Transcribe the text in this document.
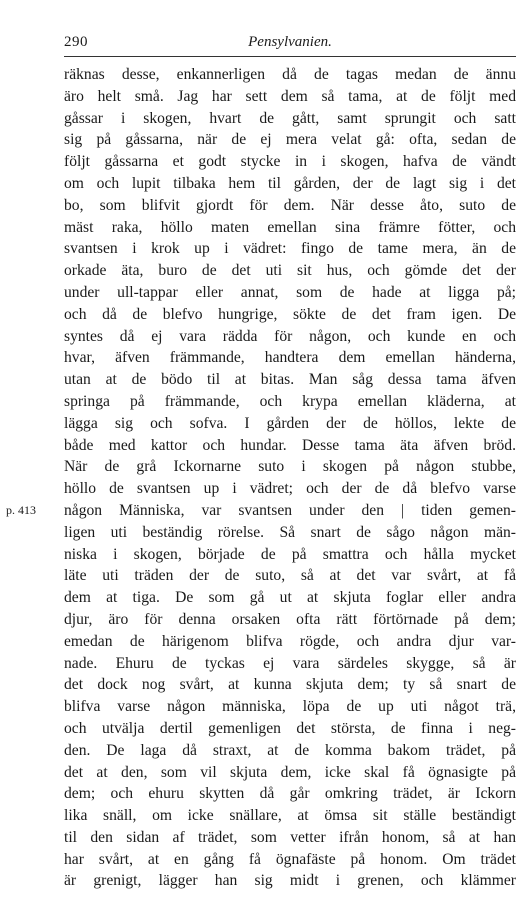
290	Pensylvanien.
p. 413
räknas desse, enkannerligen då de tagas medan de ännu
äro helt små. Jag har sett dem så tama, at de följt med
gåssar i skogen, hvart de gått, samt sprungit och satt
sig på gåssarna, när de ej mera velat gå: ofta, sedan de
följt gåssarna et godt stycke in i skogen, hafva de vändt
om och lupit tilbaka hem til gården, der de lagt sig i det
bo, som blifvit gjordt för dem. När desse åto, suto de
mäst raka, höllo maten emellan sina främre fötter, och
svantsen i krok up i vädret: fingo de tame mera, än de
orkade äta, buro de det uti sit hus, och gömde det der
under ull-tappar eller annat, som de hade at ligga på;
och då de blefvo hungrige, sökte de det fram igen. De
syntes då ej vara rädda för någon, och kunde en och
hvar, äfven främmande, handtera dem emellan händerna,
utan at de bödo til at bitas. Man såg dessa tama äfven
springa på främmande, och krypa emellan kläderna, at
lägga sig och sofva. I gården der de höllos, lekte de
både med kattor och hundar. Desse tama äta äfven bröd.
När de grå Ickornarne suto i skogen på någon stubbe,
höllo de svantsen up i vädret; och der de då blefvo varse
någon Människa, var svantsen under den | tiden gemen-
ligen uti beständig rörelse. Så snart de sågo någon män-
niska i skogen, började de på smattra och hålla mycket
läte uti träden der de suto, så at det var svårt, at få
dem at tiga. De som gå ut at skjuta foglar eller andra
djur, äro för denna orsaken ofta rätt förtörnade på dem;
emedan de härigenom blifva rögde, och andra djur var-
nade. Ehuru de tyckas ej vara särdeles skygge, så är
det dock nog svårt, at kunna skjuta dem; ty så snart de
blifva varse någon människa, löpa de up uti något trä,
och utvälja dertil gemenligen det största, de finna i neg-
den. De laga då straxt, at de komma bakom trädet, på
det at den, som vil skjuta dem, icke skal få ögnasigte på
dem; och ehuru skytten då går omkring trädet, är Ickorn
lika snäll, om icke snällare, at ömsa sit ställe beständigt
til den sidan af trädet, som vetter ifrån honom, så at han
har svårt, at en gång få ögnafäste på honom. Om trädet
är grenigt, lägger han sig midt i grenen, och klämmer
